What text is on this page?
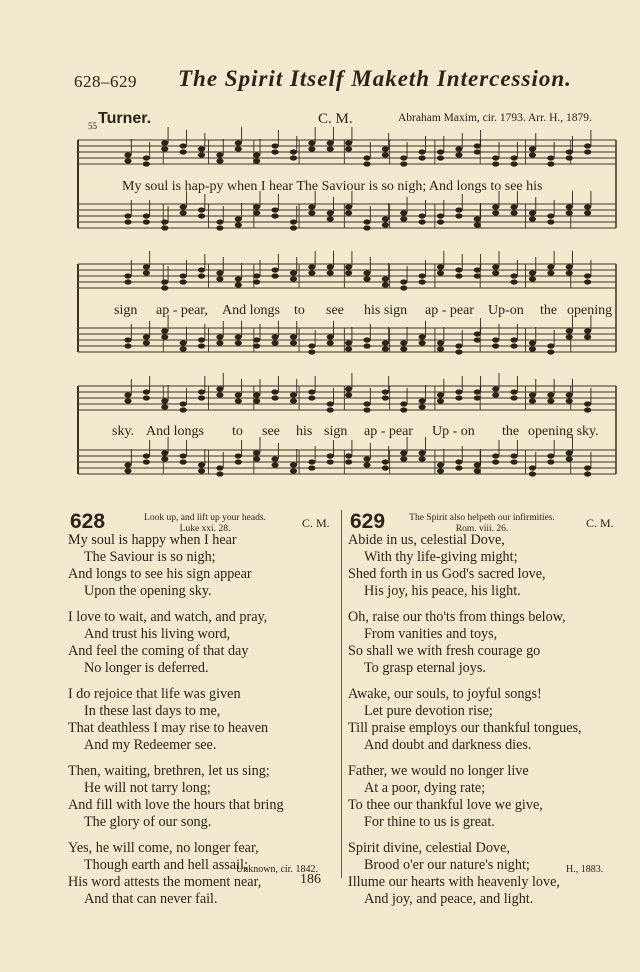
628–629 The Spirit Itself Maketh Intercession.
55 Turner.	C. M.	Abraham Maxim, cir. 1793. Arr. H., 1879.
My soul is hap-py when I hear The Saviour is so nigh; And longs to see his
sign ap - pear, And longs to see his sign ap - pear Up-on the opening
sky. And longs to see his sign ap - pear Up - on the opening sky.
628	Look up, and lift up your heads.
Luke xxi. 28.	C. M.
My soul is happy when I hear
The Saviour is so nigh;
And longs to see his sign appear
Upon the opening sky.
I love to wait, and watch, and pray,
And trust his living word,
And feel the coming of that day
No longer is deferred.
I do rejoice that life was given
In these last days to me,
That deathless I may rise to heaven
And my Redeemer see.
Then, waiting, brethren, let us sing;
He will not tarry long;
And fill with love the hours that bring
The glory of our song.
Yes, he will come, no longer fear,
Though earth and hell assail;
His word attests the moment near,
And that can never fail.
Unknown, cir. 1842.
629	The Spirit also helpeth our infirmities.
Rom. viii. 26.	C. M.
Abide in us, celestial Dove,
With thy life-giving might;
Shed forth in us God's sacred love,
His joy, his peace, his light.
Oh, raise our tho'ts from things below,
From vanities and toys,
So shall we with fresh courage go
To grasp eternal joys.
Awake, our souls, to joyful songs!
Let pure devotion rise;
Till praise employs our thankful tongues,
And doubt and darkness dies.
Father, we would no longer live
At a poor, dying rate;
To thee our thankful love we give,
For thine to us is great.
Spirit divine, celestial Dove,
Brood o'er our nature's night;
Illume our hearts with heavenly love,
And joy, and peace, and light.
H., 1883.
186
